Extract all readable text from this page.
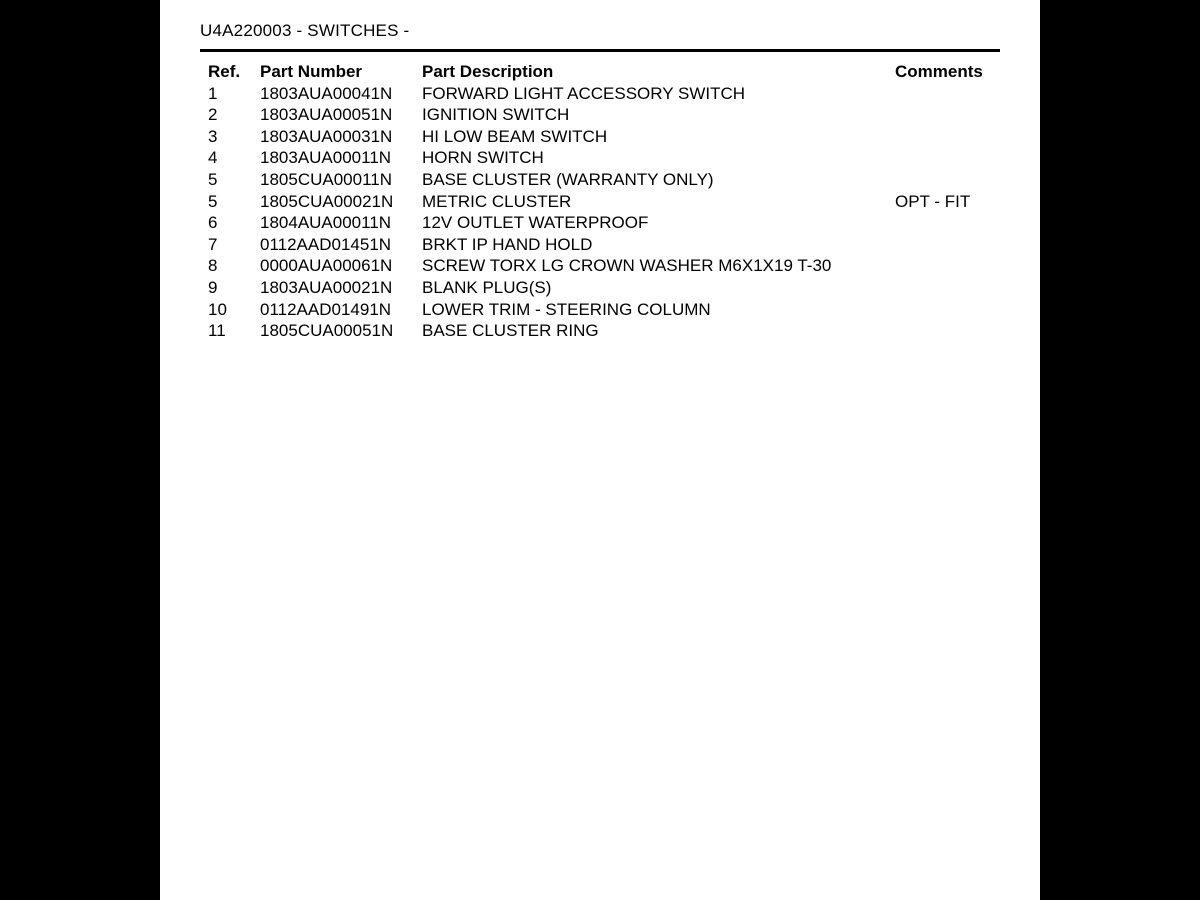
U4A220003 - SWITCHES -
Ref. Part Number	Part Description	Comments
1	1803AUA00041N FORWARD LIGHT ACCESSORY SWITCH
2	1803AUA00051N IGNITION SWITCH
3	1803AUA00031N HI LOW BEAM SWITCH
4	1803AUA00011N HORN SWITCH
5	1805CUA00011N BASE CLUSTER (WARRANTY ONLY)
5	1805CUA00021N METRIC CLUSTER	OPT - FIT
6	1804AUA00011N 12V OUTLET WATERPROOF
7	0112AAD01451N BRKT IP HAND HOLD
8	0000AUA00061N SCREW TORX LG CROWN WASHER M6X1X19 T-30
9	1803AUA00021N BLANK PLUG(S)
10 0112AAD01491N LOWER TRIM - STEERING COLUMN
11 1805CUA00051N BASE CLUSTER RING
